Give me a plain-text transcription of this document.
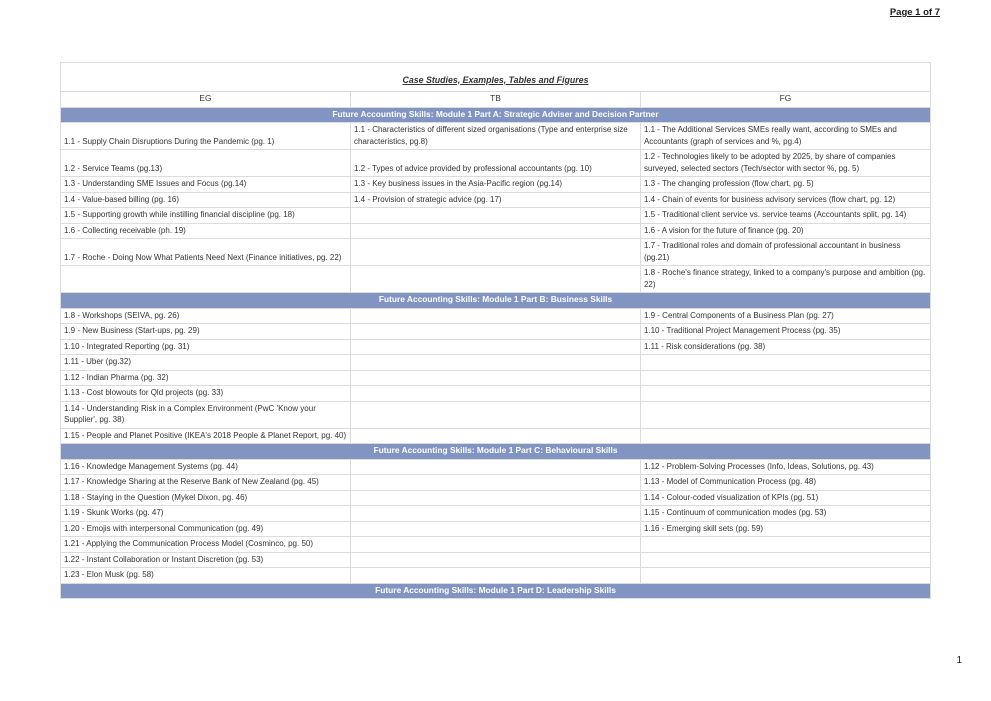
Page 1 of 7
Case Studies, Examples, Tables and Figures		
EG	TB	FG
Future Accounting Skills: Module 1 Part A: Strategic Adviser and Decision Partner		
1.1 - Supply Chain Disruptions During the Pandemic (pg. 1)	1.1 - Characteristics of different sized organisations (Type and enterprise size characteristics, pg.8)	1.1 - The Additional Services SMEs really want, according to SMEs and Accountants (graph of services and %, pg.4)
1.2 - Service Teams (pg.13)	1.2 - Types of advice provided by professional accountants (pg. 10)	1.2 - Technologies likely to be adopted by 2025, by share of companies surveyed, selected sectors (Tech/sector with sector %, pg. 5)
1.3 - Understanding SME Issues and Focus (pg.14)	1.3 - Key business issues in the Asia-Pacific region (pg.14)	1.3 - The changing profession (flow chart, pg. 5)
1.4 - Value-based billing (pg. 16)	1.4 - Provision of strategic advice (pg. 17)	1.4 - Chain of events for business advisory services (flow chart, pg. 12)
1.5 - Supporting growth while instilling financial discipline (pg. 18)		1.5 - Traditional client service vs. service teams (Accountants split, pg. 14)
1.6 - Collecting receivable (ph. 19)		1.6 - A vision for the future of finance (pg. 20)
1.7 - Roche - Doing Now What Patients Need Next (Finance initiatives, pg. 22)		1.7 - Traditional roles and domain of professional accountant in business (pg.21)
		1.8 - Roche's finance strategy, linked to a company's purpose and ambition (pg. 22)
Future Accounting Skills: Module 1 Part B: Business Skills		
1.8 - Workshops (SEIVA, pg. 26)		1.9 - Central Components of a Business Plan (pg. 27)
1.9 - New Business (Start-ups, pg. 29)		1.10 - Traditional Project Management Process (pg. 35)
1.10 - Integrated Reporting (pg. 31)		1.11 - Risk considerations (pg. 38)
1.11 - Uber (pg.32)		
1.12 - Indian Pharma (pg. 32)		
1.13 - Cost blowouts for Qld projects (pg. 33)		
1.14 - Understanding Risk in a Complex Environment (PwC 'Know your Supplier', pg. 38)		
1.15 - People and Planet Positive (IKEA's 2018 People & Planet Report, pg. 40)		
Future Accounting Skills: Module 1 Part C: Behavioural Skills		
1.16 - Knowledge Management Systems (pg. 44)		1.12 - Problem-Solving Processes (Info, Ideas, Solutions, pg. 43)
1.17 - Knowledge Sharing at the Reserve Bank of New Zealand (pg. 45)		1.13 - Model of Communication Process (pg. 48)
1.18 - Staying in the Question (Mykel Dixon, pg. 46)		1.14 - Colour-coded visualization of KPIs (pg. 51)
1.19 - Skunk Works (pg. 47)		1.15 - Continuum of communication modes (pg. 53)
1.20 - Emojis with interpersonal Communication (pg. 49)		1.16 - Emerging skill sets (pg. 59)
1.21 - Applying the Communication Process Model (Cosminco, pg. 50)		
1.22 - Instant Collaboration or Instant Discretion (pg. 53)		
1.23 - Elon Musk (pg. 58)		
Future Accounting Skills: Module 1 Part D: Leadership Skills		
1
